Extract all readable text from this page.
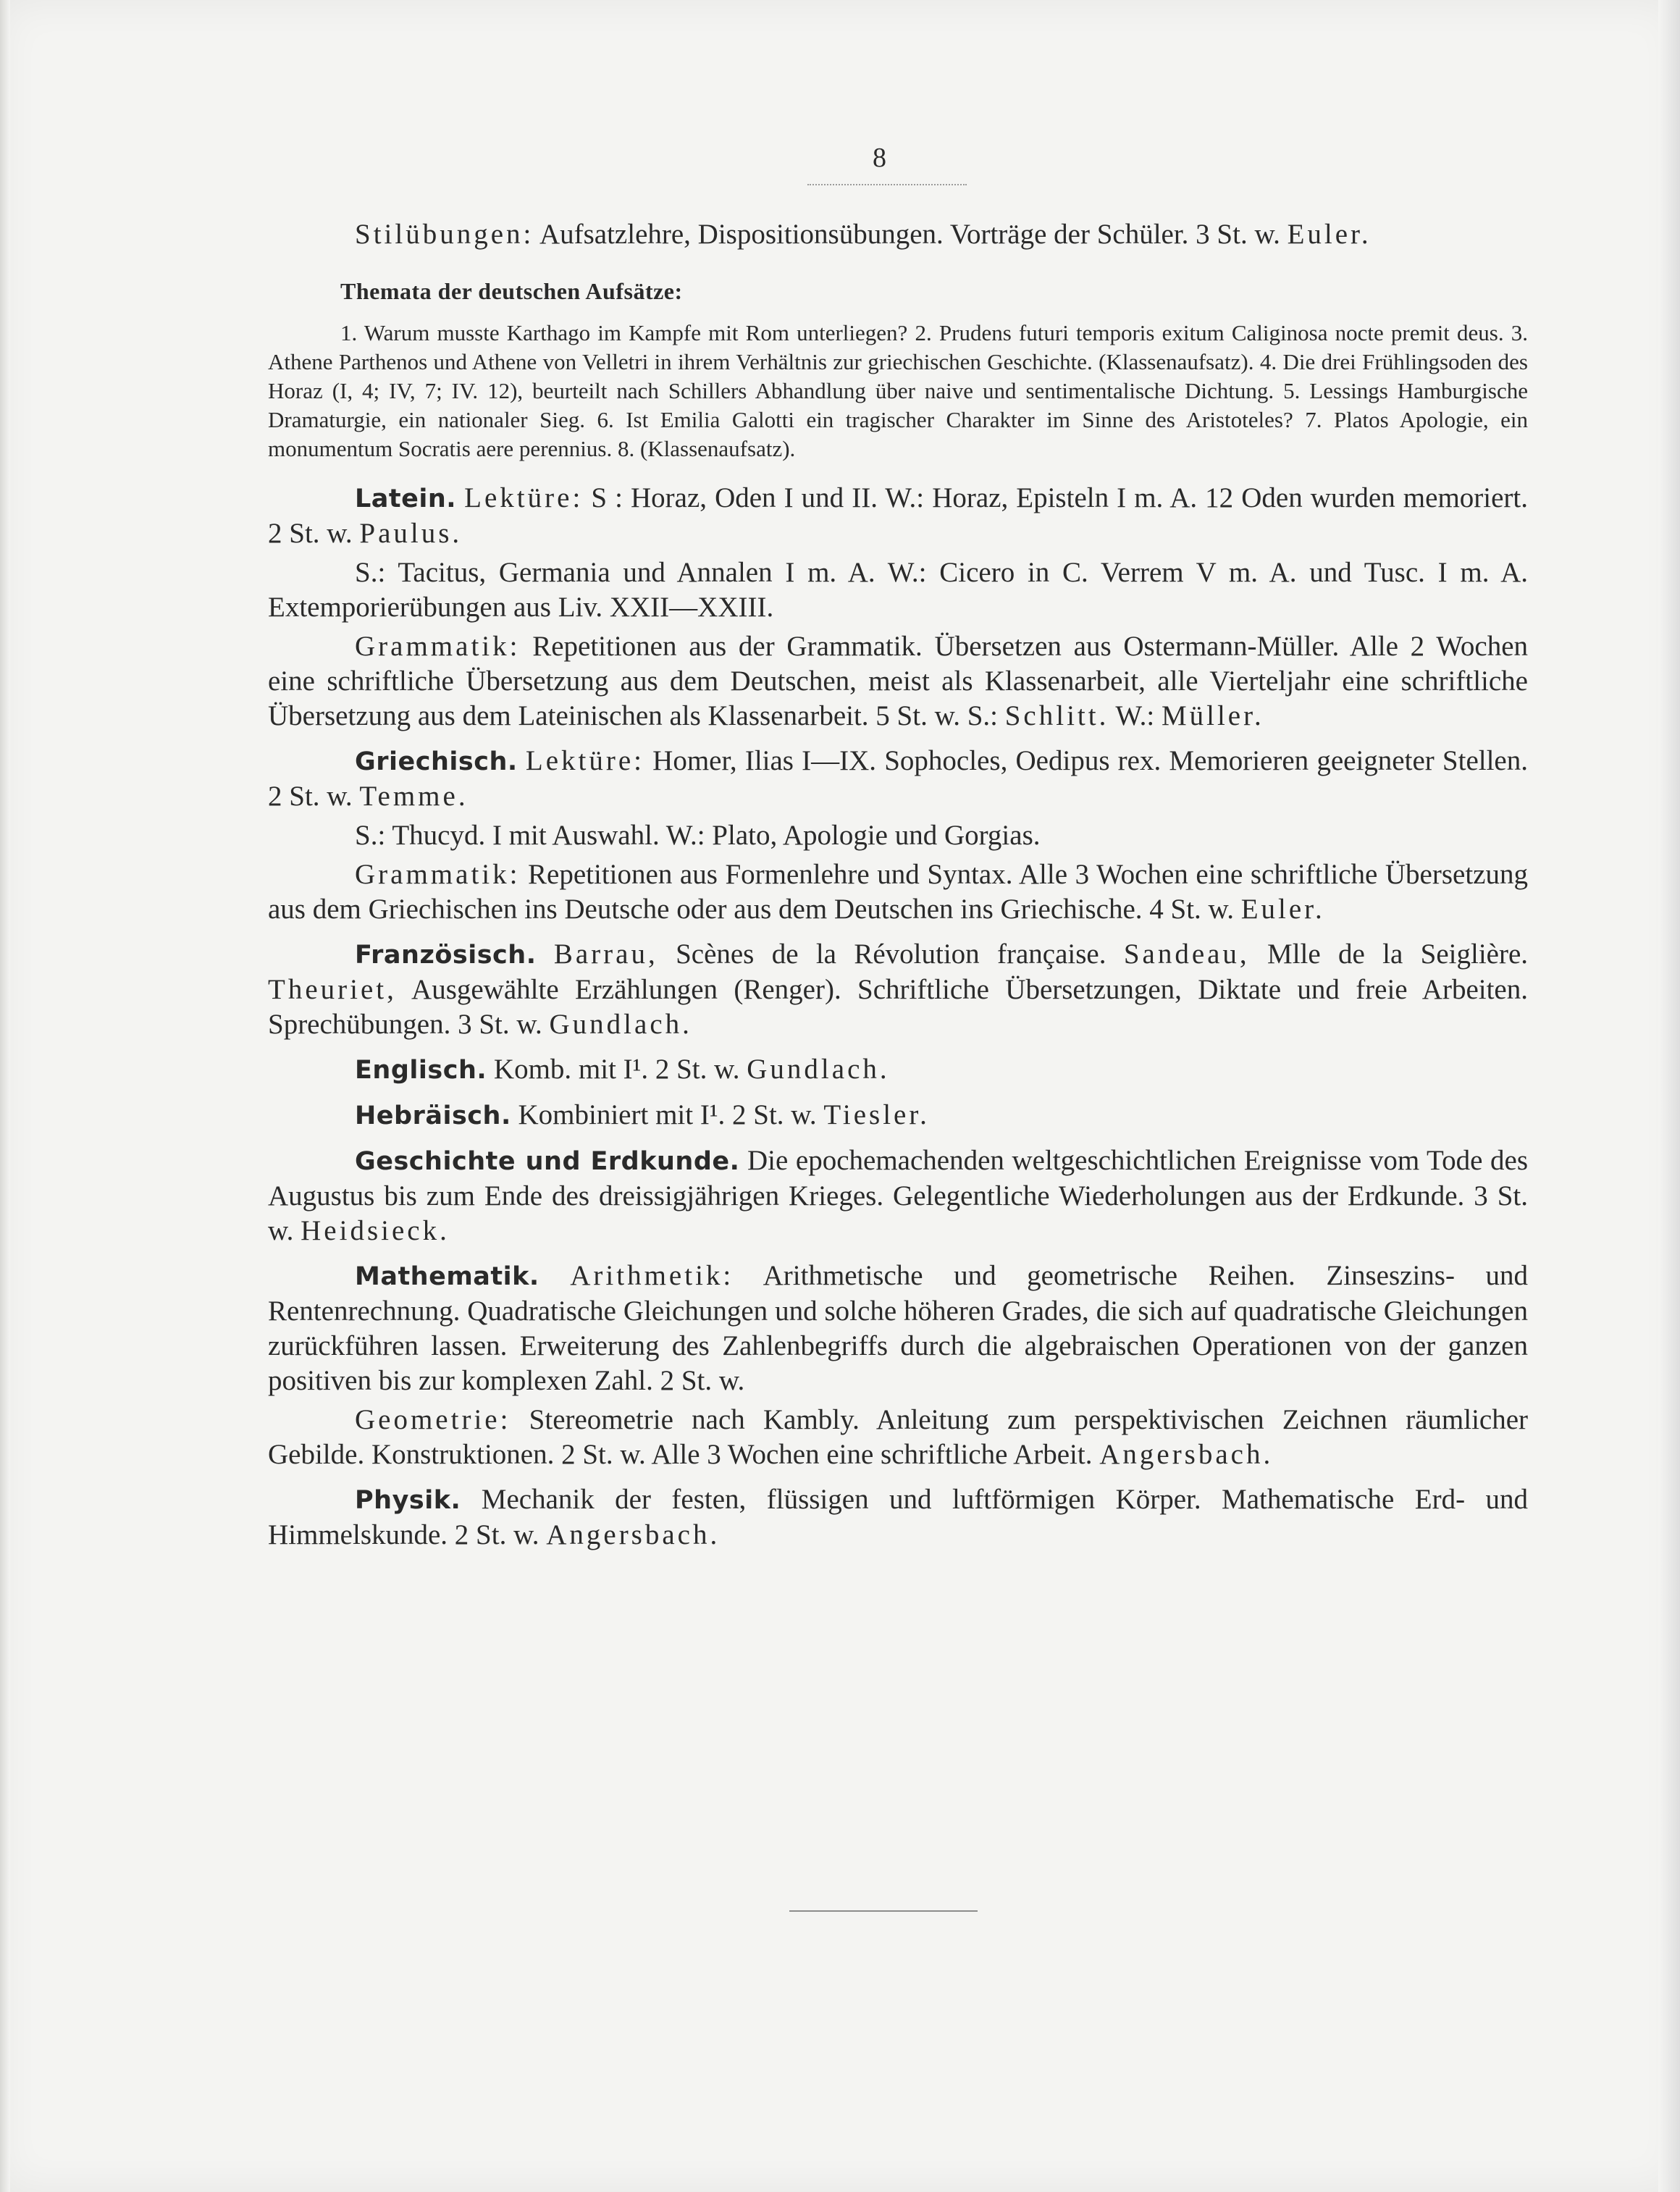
8

Stilübungen: Aufsatzlehre, Dispositionsübungen. Vorträge der Schüler. 3 St. w. Euler.

Themata der deutschen Aufsätze:

1. Warum musste Karthago im Kampfe mit Rom unterliegen? 2. Prudens futuri temporis exitum Caliginosa nocte premit deus. 3. Athene Parthenos und Athene von Velletri in ihrem Verhältnis zur griechischen Geschichte. (Klassenaufsatz). 4. Die drei Frühlingsoden des Horaz (I, 4; IV, 7; IV. 12), beurteilt nach Schillers Abhandlung über naive und sentimentalische Dichtung. 5. Lessings Hamburgische Dramaturgie, ein nationaler Sieg. 6. Ist Emilia Galotti ein tragischer Charakter im Sinne des Aristoteles? 7. Platos Apologie, ein monumentum Socratis aere perennius. 8. (Klassenaufsatz).

Latein. Lektüre: S : Horaz, Oden I und II. W.: Horaz, Episteln I m. A. 12 Oden wurden memoriert. 2 St. w. Paulus.

S.: Tacitus, Germania und Annalen I m. A. W.: Cicero in C. Verrem V m. A. und Tusc. I m. A. Extemporierübungen aus Liv. XXII—XXIII.

Grammatik: Repetitionen aus der Grammatik. Übersetzen aus Ostermann-Müller. Alle 2 Wochen eine schriftliche Übersetzung aus dem Deutschen, meist als Klassenarbeit, alle Vierteljahr eine schriftliche Übersetzung aus dem Lateinischen als Klassenarbeit. 5 St. w. S.: Schlitt. W.: Müller.

Griechisch. Lektüre: Homer, Ilias I—IX. Sophocles, Oedipus rex. Memorieren geeigneter Stellen. 2 St. w. Temme.

S.: Thucyd. I mit Auswahl. W.: Plato, Apologie und Gorgias.

Grammatik: Repetitionen aus Formenlehre und Syntax. Alle 3 Wochen eine schriftliche Übersetzung aus dem Griechischen ins Deutsche oder aus dem Deutschen ins Griechische. 4 St. w. Euler.

Französisch. Barrau, Scènes de la Révolution française. Sandeau, Mlle de la Seiglière. Theuriet, Ausgewählte Erzählungen (Renger). Schriftliche Übersetzungen, Diktate und freie Arbeiten. Sprechübungen. 3 St. w. Gundlach.

Englisch. Komb. mit I¹. 2 St. w. Gundlach.

Hebräisch. Kombiniert mit I¹. 2 St. w. Tiesler.

Geschichte und Erdkunde. Die epochemachenden weltgeschichtlichen Ereignisse vom Tode des Augustus bis zum Ende des dreissigjährigen Krieges. Gelegentliche Wiederholungen aus der Erdkunde. 3 St. w. Heidsieck.

Mathematik. Arithmetik: Arithmetische und geometrische Reihen. Zinseszins- und Rentenrechnung. Quadratische Gleichungen und solche höheren Grades, die sich auf quadratische Gleichungen zurückführen lassen. Erweiterung des Zahlenbegriffs durch die algebraischen Operationen von der ganzen positiven bis zur komplexen Zahl. 2 St. w.

Geometrie: Stereometrie nach Kambly. Anleitung zum perspektivischen Zeichnen räumlicher Gebilde. Konstruktionen. 2 St. w. Alle 3 Wochen eine schriftliche Arbeit. Angersbach.

Physik. Mechanik der festen, flüssigen und luftförmigen Körper. Mathematische Erd- und Himmelskunde. 2 St. w. Angersbach.
